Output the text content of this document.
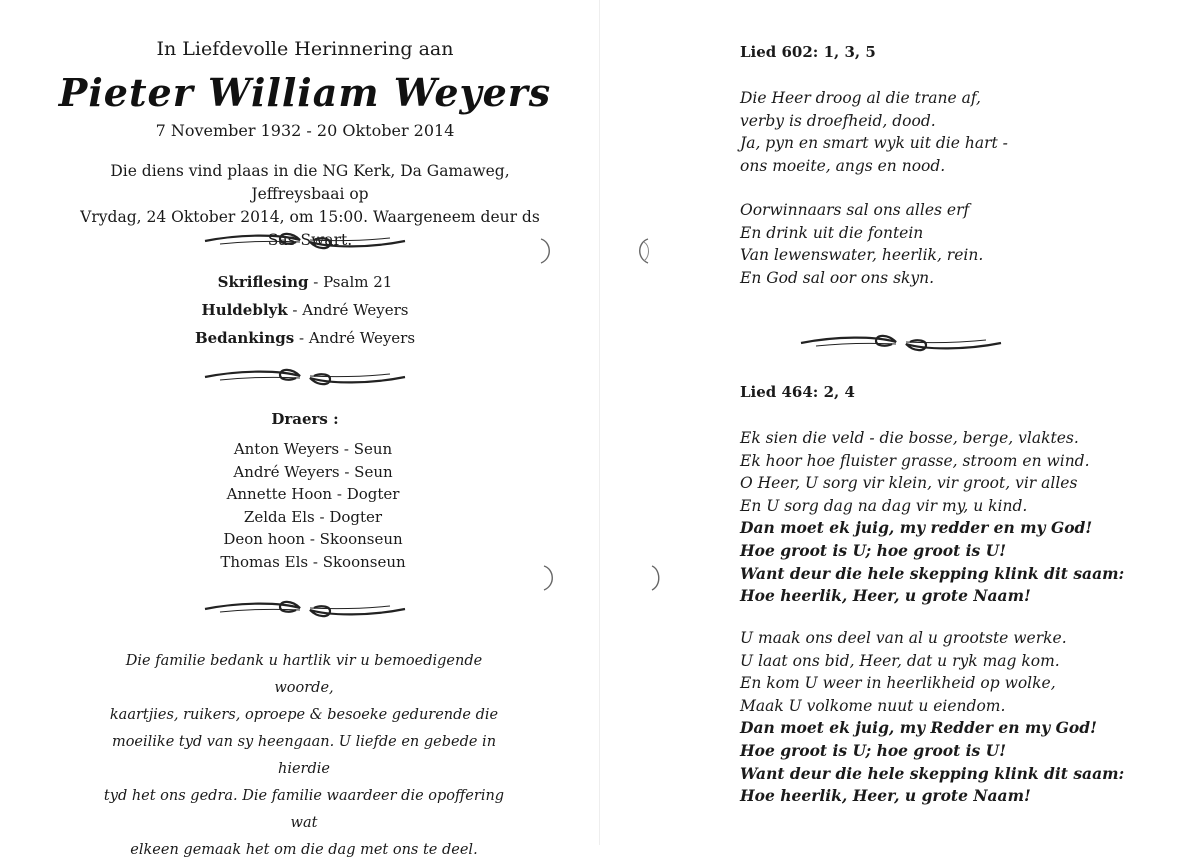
In Liefdevolle Herinnering aan
Pieter William Weyers
7 November 1932 - 20 Oktober 2014
Die diens vind plaas in die NG Kerk, Da Gamaweg, Jeffreysbaai op
Vrydag, 24 Oktober 2014, om 15:00. Waargeneem deur ds Sas Swart.
Skriflesing - Psalm 21
Huldeblyk - André Weyers
Bedankings - André Weyers
Draers :
Anton Weyers - Seun
André Weyers - Seun
Annette Hoon - Dogter
Zelda Els - Dogter
Deon hoon - Skoonseun
Thomas Els - Skoonseun
Die familie bedank u hartlik vir u bemoedigende woorde,
kaartjies, ruikers, oproepe & besoeke gedurende die
moeilike tyd van sy heengaan. U liefde en gebede in hierdie
tyd het ons gedra. Die familie waardeer die opoffering wat
elkeen gemaak het om die dag met ons te deel.
Lied 602: 1, 3, 5
Die Heer droog al die trane af,
verby is droefheid, dood.
Ja, pyn en smart wyk uit die hart -
ons moeite, angs en nood.
Oorwinnaars sal ons alles erf
En drink uit die fontein
Van lewenswater, heerlik, rein.
En God sal oor ons skyn.
Lied 464: 2, 4
Ek sien die veld - die bosse, berge, vlaktes.
Ek hoor hoe fluister grasse, stroom en wind.
O Heer, U sorg vir klein, vir groot, vir alles
En U sorg dag na dag vir my, u kind.
Dan moet ek juig, my redder en my God!
Hoe groot is U; hoe groot is U!
Want deur die hele skepping klink dit saam:
Hoe heerlik, Heer, u grote Naam!
U maak ons deel van al u grootste werke.
U laat ons bid, Heer, dat u ryk mag kom.
En kom U weer in heerlikheid op wolke,
Maak U volkome nuut u eiendom.
Dan moet ek juig, my Redder en my God!
Hoe groot is U; hoe groot is U!
Want deur die hele skepping klink dit saam:
Hoe heerlik, Heer, u grote Naam!
